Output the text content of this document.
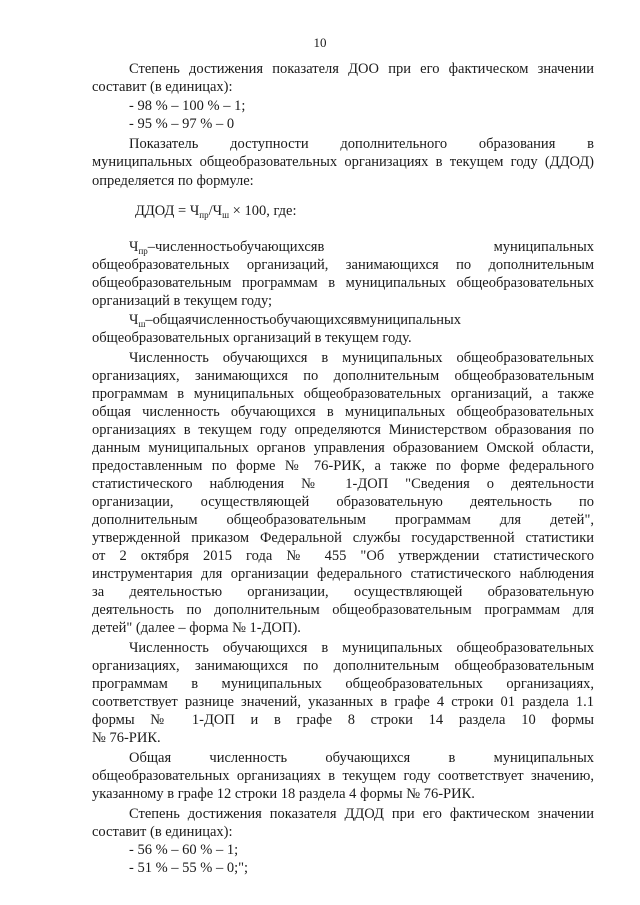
10
Степень достижения показателя ДОО при его фактическом значении
составит (в единицах):
- 98 % – 100 % – 1;
- 95 % – 97 % – 0
Показатель доступности дополнительного образования в
муниципальных общеобразовательных организациях в текущем году (ДДОД)
определяется по формуле:
ДДОД = $Ч_{пр}/Ч_ш \times 100$, где:
$Ч_{пр}$–численностьобучающихсяв муниципальных
общеобразовательных организаций, занимающихся по дополнительным
общеобразовательным программам в муниципальных общеобразовательных
организаций в текущем году;
$Ч_ш$–общаячисленностьобучающихсявмуниципальных
общеобразовательных организаций в текущем году.
Численность обучающихся в муниципальных общеобразовательных
организациях, занимающихся по дополнительным общеобразовательным
программам в муниципальных общеобразовательных организаций, а также
общая численность обучающихся в муниципальных общеобразовательных
организациях в текущем году определяются Министерством образования по
данным муниципальных органов управления образованием Омской области,
предоставленным по форме № 76-РИК, а также по форме федерального
статистического наблюдения № 1-ДОП "Сведения о деятельности
организации, осуществляющей образовательную деятельность по
дополнительным общеобразовательным программам для детей",
утвержденной приказом Федеральной службы государственной статистики
от 2 октября 2015 года № 455 "Об утверждении статистического
инструментария для организации федерального статистического наблюдения
за деятельностью организации, осуществляющей образовательную
деятельность по дополнительным общеобразовательным программам для
детей" (далее – форма № 1-ДОП).
Численность обучающихся в муниципальных общеобразовательных
организациях, занимающихся по дополнительным общеобразовательным
программам в муниципальных общеобразовательных организациях,
соответствует разнице значений, указанных в графе 4 строки 01 раздела 1.1
формы № 1-ДОП и в графе 8 строки 14 раздела 10 формы
№ 76-РИК.
Общая численность обучающихся в муниципальных
общеобразовательных организациях в текущем году соответствует значению,
указанному в графе 12 строки 18 раздела 4 формы № 76-РИК.
Степень достижения показателя ДДОД при его фактическом значении
составит (в единицах):
- 56 % – 60 % – 1;
- 51 % – 55 % – 0;";
